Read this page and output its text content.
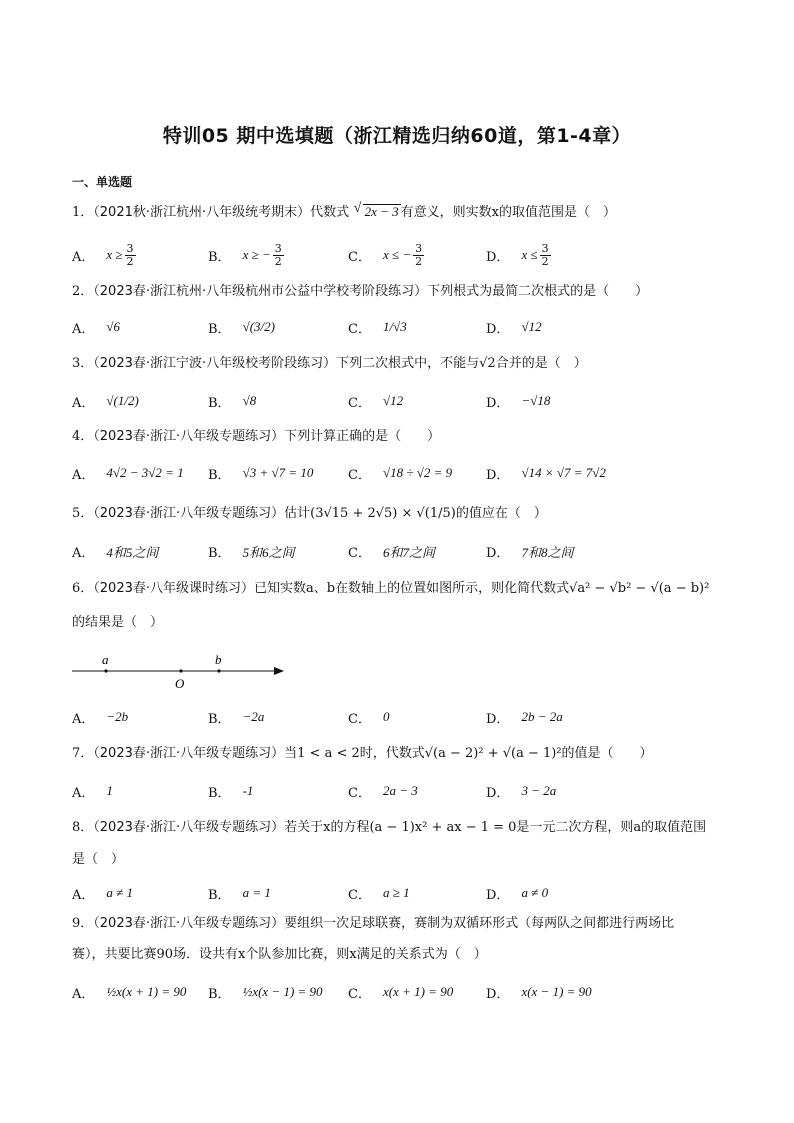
特训05 期中选填题（浙江精选归纳60道，第1-4章）
一、单选题
1．（2021秋·浙江杭州·八年级统考期末）代数式   √ 2x − 3 有意义，则实数x的取值范围是（　）
A． $x \ge \frac{3}{2}$	B． x ≥ − $\frac{3}{2}$	C． x ≤ − $\frac{3}{2}$	D． $x \le \frac{3}{2}$
2．（2023春·浙江杭州·八年级杭州市公益中学校考阶段练习）下列根式为最简二次根式的是（　　）
A． √6	B． √(3/2)	C． 1/√3	D． √12
3．（2023春·浙江宁波·八年级校考阶段练习）下列二次根式中，不能与√2合并的是（　）
A． √(1/2)	B． √8	C． √12	D． −√18
4．（2023春·浙江·八年级专题练习）下列计算正确的是（　　）
A． 4√2 − 3√2 = 1 B． √3 + √7 = 10	C． √18 ÷ √2 = 9	D． √14 × √7 = 7√2
5．（2023春·浙江·八年级专题练习）估计(3√15 + 2√5) × √(1/5)的值应在（　）
A． 4和5之间	B． 5和6之间	C． 6和7之间	D． 7和8之间
6．（2023春·八年级课时练习）已知实数a、b在数轴上的位置如图所示，则化简代数式√a² − √b² − √(a − b)²
的结果是（　）
a
O
b
A． −2b	B． −2a	C． 0	D． 2b − 2a
7．（2023春·浙江·八年级专题练习）当1 < a < 2时，代数式√(a − 2)² + √(a − 1)²的值是（　　）
A． 1	B． -1	C． 2a − 3	D． 3 − 2a
8．（2023春·浙江·八年级专题练习）若关于x的方程(a − 1)x² + ax − 1 = 0是一元二次方程，则a的取值范围
是（　）
A． a ≠ 1	B． a = 1	C． a ≥ 1	D． a ≠ 0
9．（2023春·浙江·八年级专题练习）要组织一次足球联赛，赛制为双循环形式（每两队之间都进行两场比
赛），共要比赛90场．设共有x个队参加比赛，则x满足的关系式为（　）
A． ½x(x + 1) = 90 B． ½x(x − 1) = 90 C． x(x + 1) = 90	D． x(x − 1) = 90
